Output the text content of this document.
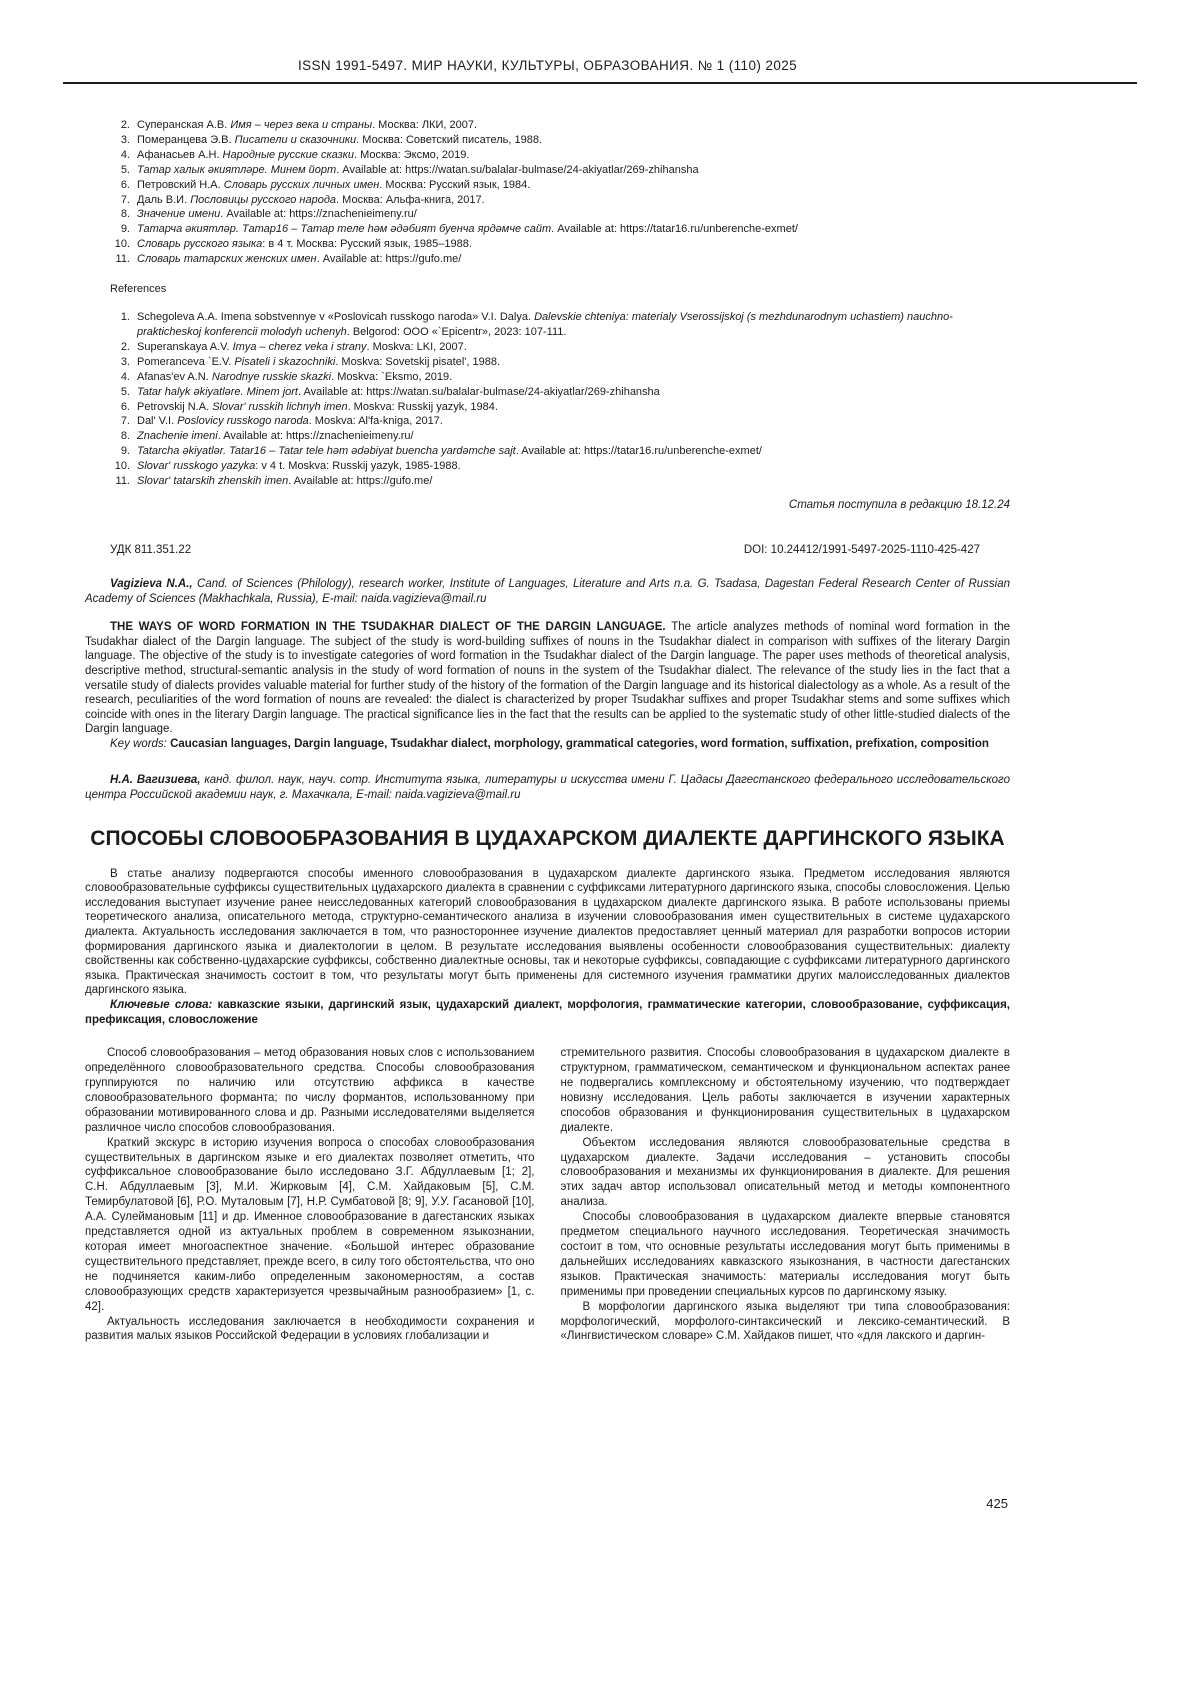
ISSN 1991-5497. МИР НАУКИ, КУЛЬТУРЫ, ОБРАЗОВАНИЯ. № 1 (110) 2025
2. Суперанская А.В. Имя – через века и страны. Москва: ЛКИ, 2007.
3. Померанцева Э.В. Писатели и сказочники. Москва: Советский писатель, 1988.
4. Афанасьев А.Н. Народные русские сказки. Москва: Эксмо, 2019.
5. Татар халык әкиятләре. Минем йорт. Available at: https://watan.su/balalar-bulmase/24-akiyatlar/269-zhihansha
6. Петровский Н.А. Словарь русских личных имен. Москва: Русский язык, 1984.
7. Даль В.И. Пословицы русского народа. Москва: Альфа-книга, 2017.
8. Значение имени. Available at: https://znachenieimeny.ru/
9. Татарча әкиятләр. Татар16 – Татар теле һәм әдәбият буенча ярдәмче сайт. Available at: https://tatar16.ru/unberenche-exmet/
10. Словарь русского языка: в 4 т. Москва: Русский язык, 1985–1988.
11. Словарь татарских женских имен. Available at: https://gufo.me/
References
1. Schegoleva A.A. Imena sobstvennye v «Poslovicah russkogo naroda» V.I. Dalya. Dalevskie chteniya: materialy Vserossijskoj (s mezhdunarodnym uchastiem) nauchno-prakticheskoj konferencii molodyh uchenyh. Belgorod: OOO «`Epicentr», 2023: 107-111.
2. Superanskaya A.V. Imya – cherez veka i strany. Moskva: LKI, 2007.
3. Pomeranceva `E.V. Pisateli i skazochniki. Moskva: Sovetskij pisatel', 1988.
4. Afanas'ev A.N. Narodnye russkie skazki. Moskva: `Eksmo, 2019.
5. Tatar halyk әkiyatlәre. Minem jort. Available at: https://watan.su/balalar-bulmase/24-akiyatlar/269-zhihansha
6. Petrovskij N.A. Slovar' russkih lichnyh imen. Moskva: Russkij yazyk, 1984.
7. Dal' V.I. Poslovicy russkogo naroda. Moskva: Al'fa-kniga, 2017.
8. Znachenie imeni. Available at: https://znachenieimeny.ru/
9. Tatarcha әkiyatlәr. Tatar16 – Tatar tele һәm әdәbiyat buencha yardәmche sajt. Available at: https://tatar16.ru/unberenche-exmet/
10. Slovar' russkogo yazyka: v 4 t. Moskva: Russkij yazyk, 1985-1988.
11. Slovar' tatarskih zhenskih imen. Available at: https://gufo.me/
Статья поступила в редакцию 18.12.24
УДК 811.351.22	DOI: 10.24412/1991-5497-2025-1110-425-427

Vagizieva N.A., Cand. of Sciences (Philology), research worker, Institute of Languages, Literature and Arts n.a. G. Tsadasa, Dagestan Federal Research Center of Russian Academy of Sciences (Makhachkala, Russia), E-mail: naida.vagizieva@mail.ru

THE WAYS OF WORD FORMATION IN THE TSUDAKHAR DIALECT OF THE DARGIN LANGUAGE. The article analyzes methods of nominal word formation in the Tsudakhar dialect of the Dargin language. The subject of the study is word-building suffixes of nouns in the Tsudakhar dialect in comparison with suffixes of the literary Dargin language. The objective of the study is to investigate categories of word formation in the Tsudakhar dialect of the Dargin language. The paper uses methods of theoretical analysis, descriptive method, structural-semantic analysis in the study of word formation of nouns in the system of the Tsudakhar dialect. The relevance of the study lies in the fact that a versatile study of dialects provides valuable material for further study of the history of the formation of the Dargin language and its historical dialectology as a whole. As a result of the research, peculiarities of the word formation of nouns are revealed: the dialect is characterized by proper Tsudakhar suffixes and proper Tsudakhar stems and some suffixes which coincide with ones in the literary Dargin language. The practical significance lies in the fact that the results can be applied to the systematic study of other little-studied dialects of the Dargin language.

Key words: Caucasian languages, Dargin language, Tsudakhar dialect, morphology, grammatical categories, word formation, suffixation, prefixation, composition

Н.А. Вагизиева, канд. филол. наук, науч. сотр. Института языка, литературы и искусства имени Г. Цадасы Дагестанского федерального исследовательского центра Российской академии наук, г. Махачкала, E-mail: naida.vagizieva@mail.ru

СПОСОБЫ СЛОВООБРАЗОВАНИЯ В ЦУДАХАРСКОМ ДИАЛЕКТЕ ДАРГИНСКОГО ЯЗЫКА

В статье анализу подвергаются способы именного словообразования в цудахарском диалекте даргинского языка. Предметом исследования являются словообразовательные суффиксы существительных цудахарского диалекта в сравнении с суффиксами литературного даргинского языка, способы словосложения. Целью исследования выступает изучение ранее неисследованных категорий словообразования в цудахарском диалекте даргинского языка. В работе использованы приемы теоретического анализа, описательного метода, структурно-семантического анализа в изучении словообразования имен существительных в системе цудахарского диалекта. Актуальность исследования заключается в том, что разностороннее изучение диалектов предоставляет ценный материал для разработки вопросов истории формирования даргинского языка и диалектологии в целом. В результате исследования выявлены особенности словообразования существительных: диалекту свойственны как собственно-цудахарские суффиксы, собственно диалектные основы, так и некоторые суффиксы, совпадающие с суффиксами литературного даргинского языка. Практическая значимость состоит в том, что результаты могут быть применены для системного изучения грамматики других малоисследованных диалектов даргинского языка.

Ключевые слова: кавказские языки, даргинский язык, цудахарский диалект, морфология, грамматические категории, словообразование, суффиксация, префиксация, словосложение

Способ словообразования – метод образования новых слов с использованием определённого словообразовательного средства. Способы словообразования группируются по наличию или отсутствию аффикса в качестве словообразовательного форманта; по числу формантов, использованному при образовании мотивированного слова и др. Разными исследователями выделяется различное число способов словообразования.

Краткий экскурс в историю изучения вопроса о способах словообразования существительных в даргинском языке и его диалектах позволяет отметить, что суффиксальное словообразование было исследовано З.Г. Абдуллаевым [1; 2], С.Н. Абдуллаевым [3], М.И. Жирковым [4], С.М. Хайдаковым [5], С.М. Темирбулатовой [6], Р.О. Муталовым [7], Н.Р. Сумбатовой [8; 9], У.У. Гасановой [10], А.А. Сулеймановым [11] и др. Именное словообразование в дагестанских языках представляется одной из актуальных проблем в современном языкознании, которая имеет многоаспектное значение. «Большой интерес образование существительного представляет, прежде всего, в силу того обстоятельства, что оно не подчиняется каким-либо определенным закономерностям, а состав словообразующих средств характеризуется чрезвычайным разнообразием» [1, с. 42].

Актуальность исследования заключается в необходимости сохранения и развития малых языков Российской Федерации в условиях глобализации и

стремительного развития. Способы словообразования в цудахарском диалекте в структурном, грамматическом, семантическом и функциональном аспектах ранее не подвергались комплексному и обстоятельному изучению, что подтверждает новизну исследования. Цель работы заключается в изучении характерных способов образования и функционирования существительных в цудахарском диалекте.

Объектом исследования являются словообразовательные средства в цудахарском диалекте. Задачи исследования – установить способы словообразования и механизмы их функционирования в диалекте. Для решения этих задач автор использовал описательный метод и методы компонентного анализа.

Способы словообразования в цудахарском диалекте впервые становятся предметом специального научного исследования. Теоретическая значимость состоит в том, что основные результаты исследования могут быть применимы в дальнейших исследованиях кавказского языкознания, в частности дагестанских языков. Практическая значимость: материалы исследования могут быть применимы при проведении специальных курсов по даргинскому языку.

В морфологии даргинского языка выделяют три типа словообразования: морфологический, морфолого-синтаксический и лексико-семантический. В «Лингвистическом словаре» С.М. Хайдаков пишет, что «для лакского и даргин-

425
